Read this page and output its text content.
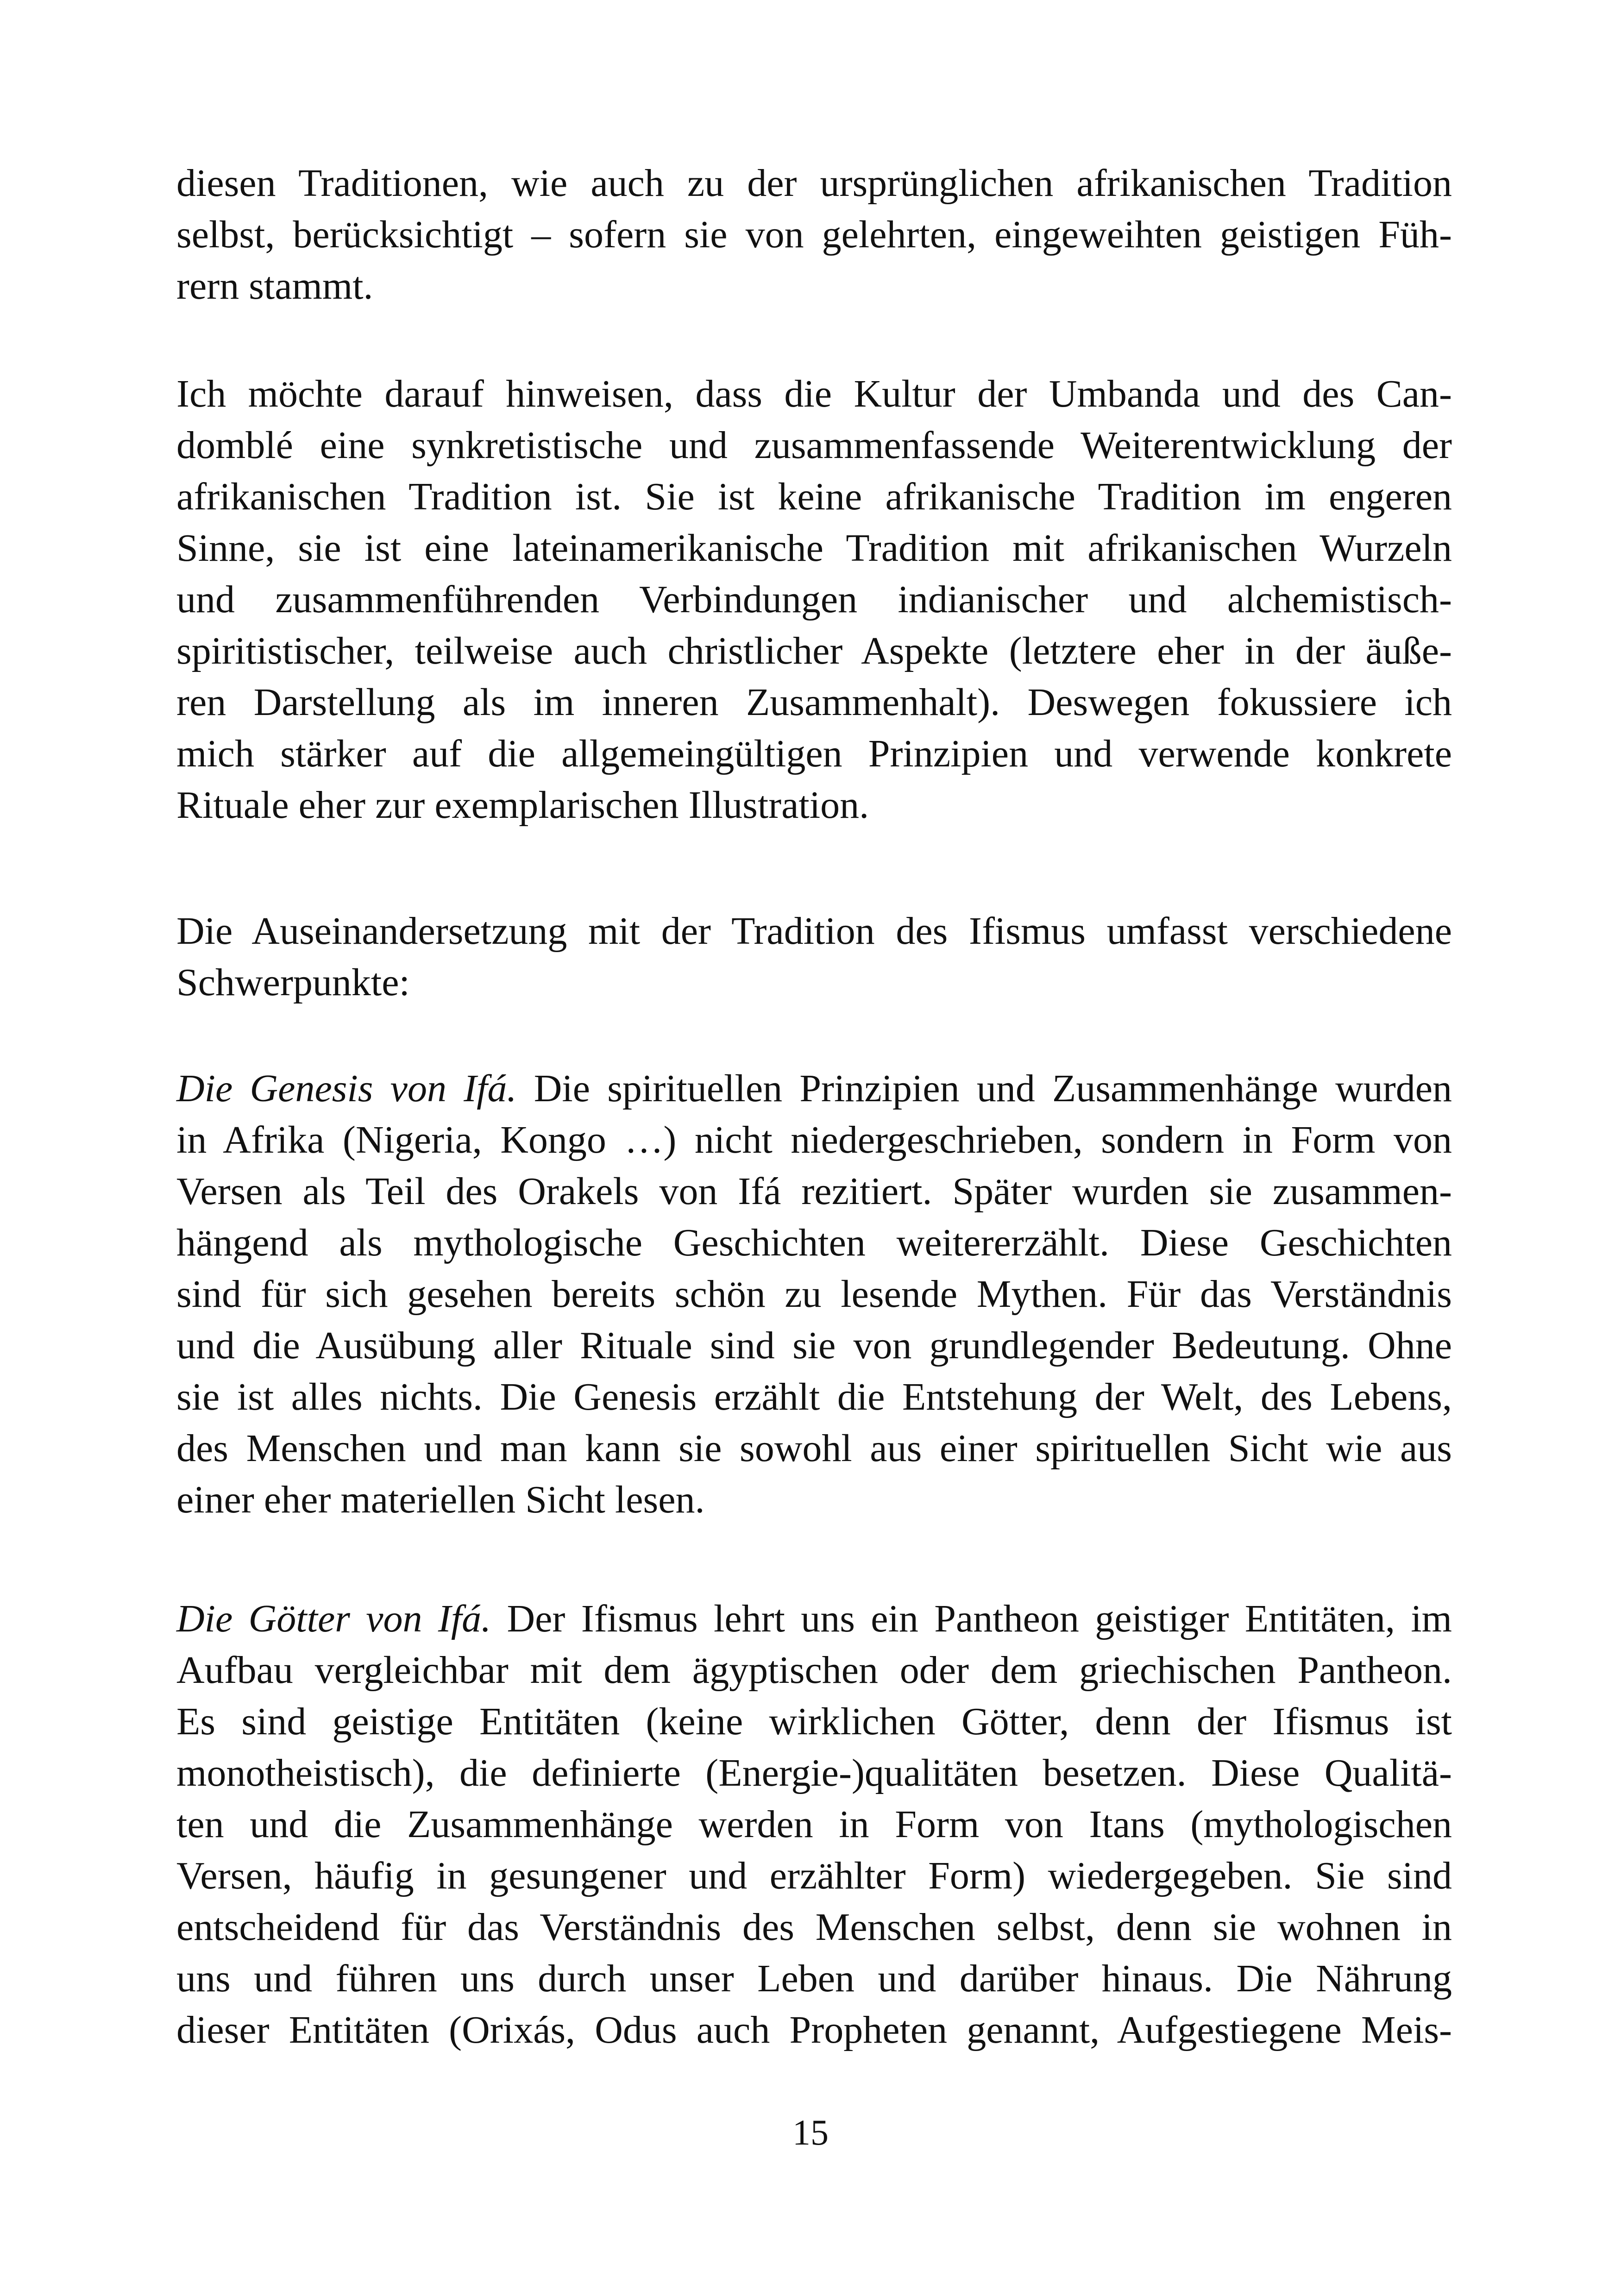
diesen Traditionen, wie auch zu der ursprünglichen afrikanischen Tradition
selbst, berücksichtigt – sofern sie von gelehrten, eingeweihten geistigen Füh-
rern stammt.
Ich möchte darauf hinweisen, dass die Kultur der Umbanda und des Can-
domblé eine synkretistische und zusammenfassende Weiterentwicklung der
afrikanischen Tradition ist. Sie ist keine afrikanische Tradition im engeren
Sinne, sie ist eine lateinamerikanische Tradition mit afrikanischen Wurzeln
und zusammenführenden Verbindungen indianischer und alchemistisch-
spiritistischer, teilweise auch christlicher Aspekte (letztere eher in der äuße-
ren Darstellung als im inneren Zusammenhalt). Deswegen fokussiere ich
mich stärker auf die allgemeingültigen Prinzipien und verwende konkrete
Rituale eher zur exemplarischen Illustration.
Die Auseinandersetzung mit der Tradition des Ifismus umfasst verschiedene
Schwerpunkte:
Die Genesis von Ifá. Die spirituellen Prinzipien und Zusammenhänge wurden
in Afrika (Nigeria, Kongo …) nicht niedergeschrieben, sondern in Form von
Versen als Teil des Orakels von Ifá rezitiert. Später wurden sie zusammen-
hängend als mythologische Geschichten weitererzählt. Diese Geschichten
sind für sich gesehen bereits schön zu lesende Mythen. Für das Verständnis
und die Ausübung aller Rituale sind sie von grundlegender Bedeutung. Ohne
sie ist alles nichts. Die Genesis erzählt die Entstehung der Welt, des Lebens,
des Menschen und man kann sie sowohl aus einer spirituellen Sicht wie aus
einer eher materiellen Sicht lesen.
Die Götter von Ifá. Der Ifismus lehrt uns ein Pantheon geistiger Entitäten, im
Aufbau vergleichbar mit dem ägyptischen oder dem griechischen Pantheon.
Es sind geistige Entitäten (keine wirklichen Götter, denn der Ifismus ist
monotheistisch), die definierte (Energie-)qualitäten besetzen. Diese Qualitä-
ten und die Zusammenhänge werden in Form von Itans (mythologischen
Versen, häufig in gesungener und erzählter Form) wiedergegeben. Sie sind
entscheidend für das Verständnis des Menschen selbst, denn sie wohnen in
uns und führen uns durch unser Leben und darüber hinaus. Die Nährung
dieser Entitäten (Orixás, Odus auch Propheten genannt, Aufgestiegene Meis-
15
